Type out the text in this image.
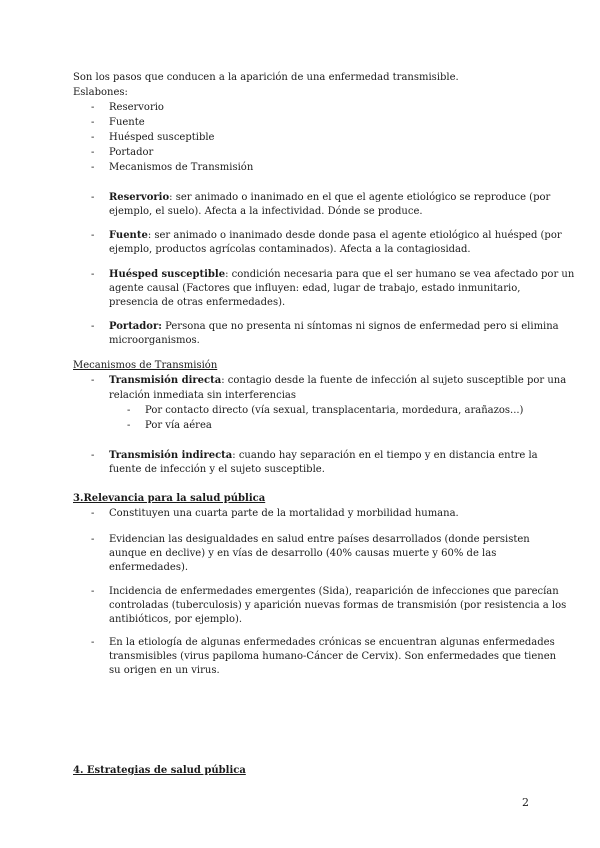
Son los pasos que conducen a la aparición de una enfermedad transmisible.
Eslabones:
- Reservorio
- Fuente
- Huésped susceptible
- Portador
- Mecanismos de Transmisión
- Reservorio: ser animado o inanimado en el que el agente etiológico se reproduce (por
ejemplo, el suelo). Afecta a la infectividad. Dónde se produce.
- Fuente: ser animado o inanimado desde donde pasa el agente etiológico al huésped (por
ejemplo, productos agrícolas contaminados). Afecta a la contagiosidad.
- Huésped susceptible: condición necesaria para que el ser humano se vea afectado por un
agente causal (Factores que influyen: edad, lugar de trabajo, estado inmunitario,
presencia de otras enfermedades).
- Portador: Persona que no presenta ni síntomas ni signos de enfermedad pero si elimina
microorganismos.
Mecanismos de Transmisión
- Transmisión directa: contagio desde la fuente de infección al sujeto susceptible por una
relación inmediata sin interferencias
- Por contacto directo (vía sexual, transplacentaria, mordedura, arañazos...)
- Por vía aérea
- Transmisión indirecta: cuando hay separación en el tiempo y en distancia entre la
fuente de infección y el sujeto susceptible.
3.Relevancia para la salud pública
- Constituyen una cuarta parte de la mortalidad y morbilidad humana.
- Evidencian las desigualdades en salud entre países desarrollados (donde persisten
aunque en declive) y en vías de desarrollo (40% causas muerte y 60% de las
enfermedades).
- Incidencia de enfermedades emergentes (Sida), reaparición de infecciones que parecían
controladas (tuberculosis) y aparición nuevas formas de transmisión (por resistencia a los
antibióticos, por ejemplo).
- En la etiología de algunas enfermedades crónicas se encuentran algunas enfermedades
transmisibles (virus papiloma humano-Cáncer de Cervix). Son enfermedades que tienen
su origen en un virus.
4. Estrategias de salud pública
2
